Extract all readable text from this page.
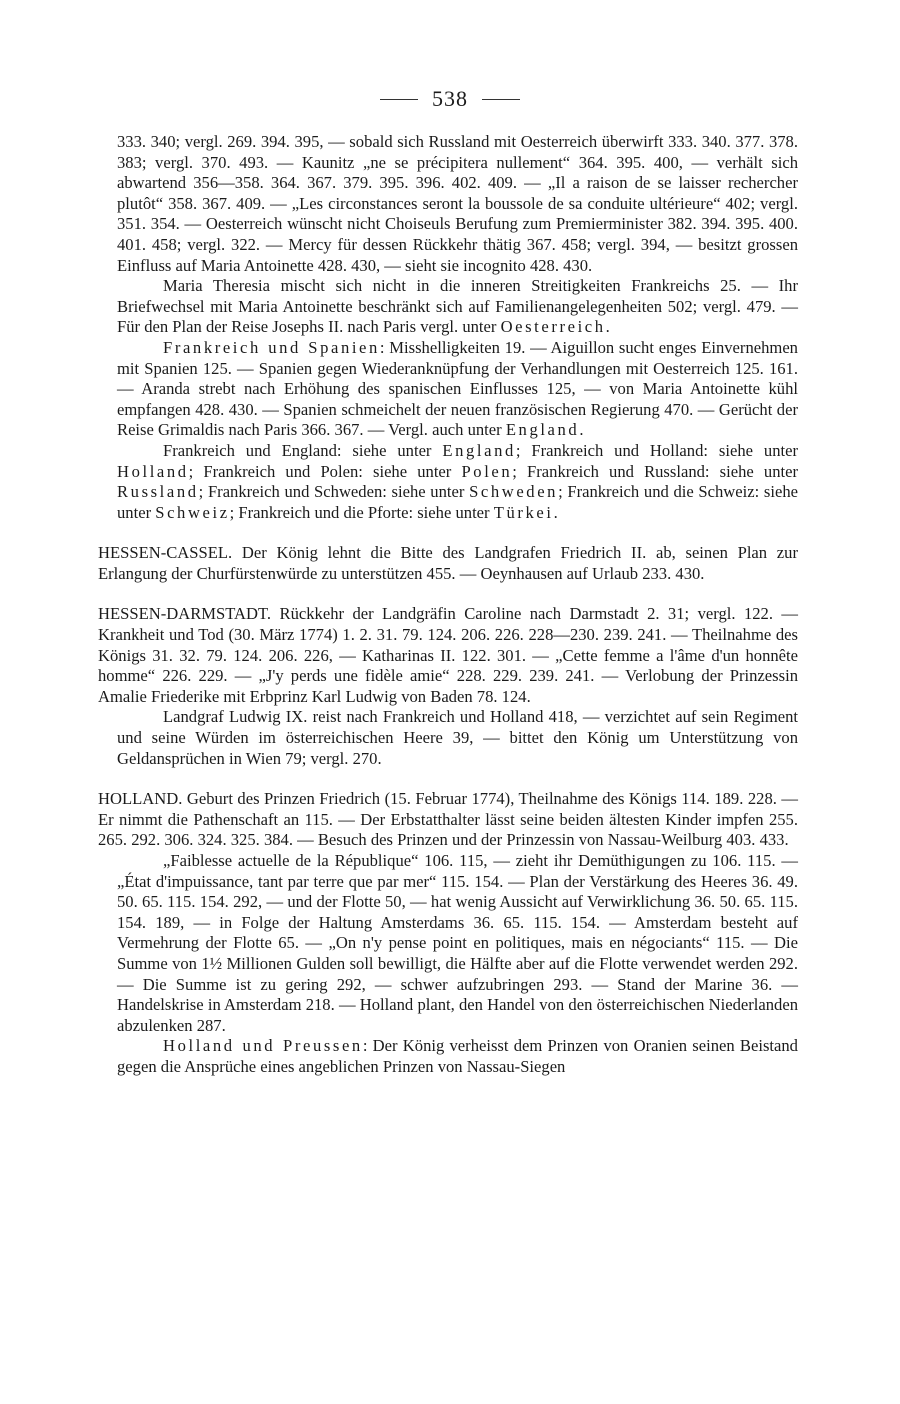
538

333. 340; vergl. 269. 394. 395, — sobald sich Russland mit Oesterreich überwirft 333. 340. 377. 378. 383; vergl. 370. 493. — Kaunitz „ne se précipitera nullement“ 364. 395. 400, — verhält sich abwartend 356—358. 364. 367. 379. 395. 396. 402. 409. — „Il a raison de se laisser rechercher plutôt“ 358. 367. 409. — „Les circonstances seront la boussole de sa conduite ultérieure“ 402; vergl. 351. 354. — Oesterreich wünscht nicht Choiseuls Berufung zum Premierminister 382. 394. 395. 400. 401. 458; vergl. 322. — Mercy für dessen Rückkehr thätig 367. 458; vergl. 394, — besitzt grossen Einfluss auf Maria Antoinette 428. 430, — sieht sie incognito 428. 430.

Maria Theresia mischt sich nicht in die inneren Streitigkeiten Frankreichs 25. — Ihr Briefwechsel mit Maria Antoinette beschränkt sich auf Familienangelegenheiten 502; vergl. 479. — Für den Plan der Reise Josephs II. nach Paris vergl. unter Oesterreich.

Frankreich und Spanien: Misshelligkeiten 19. — Aiguillon sucht enges Einvernehmen mit Spanien 125. — Spanien gegen Wiederanknüpfung der Verhandlungen mit Oesterreich 125. 161. — Aranda strebt nach Erhöhung des spanischen Einflusses 125, — von Maria Antoinette kühl empfangen 428. 430. — Spanien schmeichelt der neuen französischen Regierung 470. — Gerücht der Reise Grimaldis nach Paris 366. 367. — Vergl. auch unter England.

Frankreich und England: siehe unter England; Frankreich und Holland: siehe unter Holland; Frankreich und Polen: siehe unter Polen; Frankreich und Russland: siehe unter Russland; Frankreich und Schweden: siehe unter Schweden; Frankreich und die Schweiz: siehe unter Schweiz; Frankreich und die Pforte: siehe unter Türkei.

HESSEN-CASSEL. Der König lehnt die Bitte des Landgrafen Friedrich II. ab, seinen Plan zur Erlangung der Churfürstenwürde zu unterstützen 455. — Oeynhausen auf Urlaub 233. 430.

HESSEN-DARMSTADT. Rückkehr der Landgräfin Caroline nach Darmstadt 2. 31; vergl. 122. — Krankheit und Tod (30. März 1774) 1. 2. 31. 79. 124. 206. 226. 228—230. 239. 241. — Theilnahme des Königs 31. 32. 79. 124. 206. 226, — Katharinas II. 122. 301. — „Cette femme a l'âme d'un honnête homme“ 226. 229. — „J'y perds une fidèle amie“ 228. 229. 239. 241. — Verlobung der Prinzessin Amalie Friederike mit Erbprinz Karl Ludwig von Baden 78. 124.

Landgraf Ludwig IX. reist nach Frankreich und Holland 418, — verzichtet auf sein Regiment und seine Würden im österreichischen Heere 39, — bittet den König um Unterstützung von Geldansprüchen in Wien 79; vergl. 270.

HOLLAND. Geburt des Prinzen Friedrich (15. Februar 1774), Theilnahme des Königs 114. 189. 228. — Er nimmt die Pathenschaft an 115. — Der Erbstatthalter lässt seine beiden ältesten Kinder impfen 255. 265. 292. 306. 324. 325. 384. — Besuch des Prinzen und der Prinzessin von Nassau-Weilburg 403. 433.

„Faiblesse actuelle de la République“ 106. 115, — zieht ihr Demüthigungen zu 106. 115. — „État d'impuissance, tant par terre que par mer“ 115. 154. — Plan der Verstärkung des Heeres 36. 49. 50. 65. 115. 154. 292, — und der Flotte 50, — hat wenig Aussicht auf Verwirklichung 36. 50. 65. 115. 154. 189, — in Folge der Haltung Amsterdams 36. 65. 115. 154. — Amsterdam besteht auf Vermehrung der Flotte 65. — „On n'y pense point en politiques, mais en négociants“ 115. — Die Summe von 1½ Millionen Gulden soll bewilligt, die Hälfte aber auf die Flotte verwendet werden 292. — Die Summe ist zu gering 292, — schwer aufzubringen 293. — Stand der Marine 36. — Handelskrise in Amsterdam 218. — Holland plant, den Handel von den österreichischen Niederlanden abzulenken 287.

Holland und Preussen: Der König verheisst dem Prinzen von Oranien seinen Beistand gegen die Ansprüche eines angeblichen Prinzen von Nassau-Siegen
